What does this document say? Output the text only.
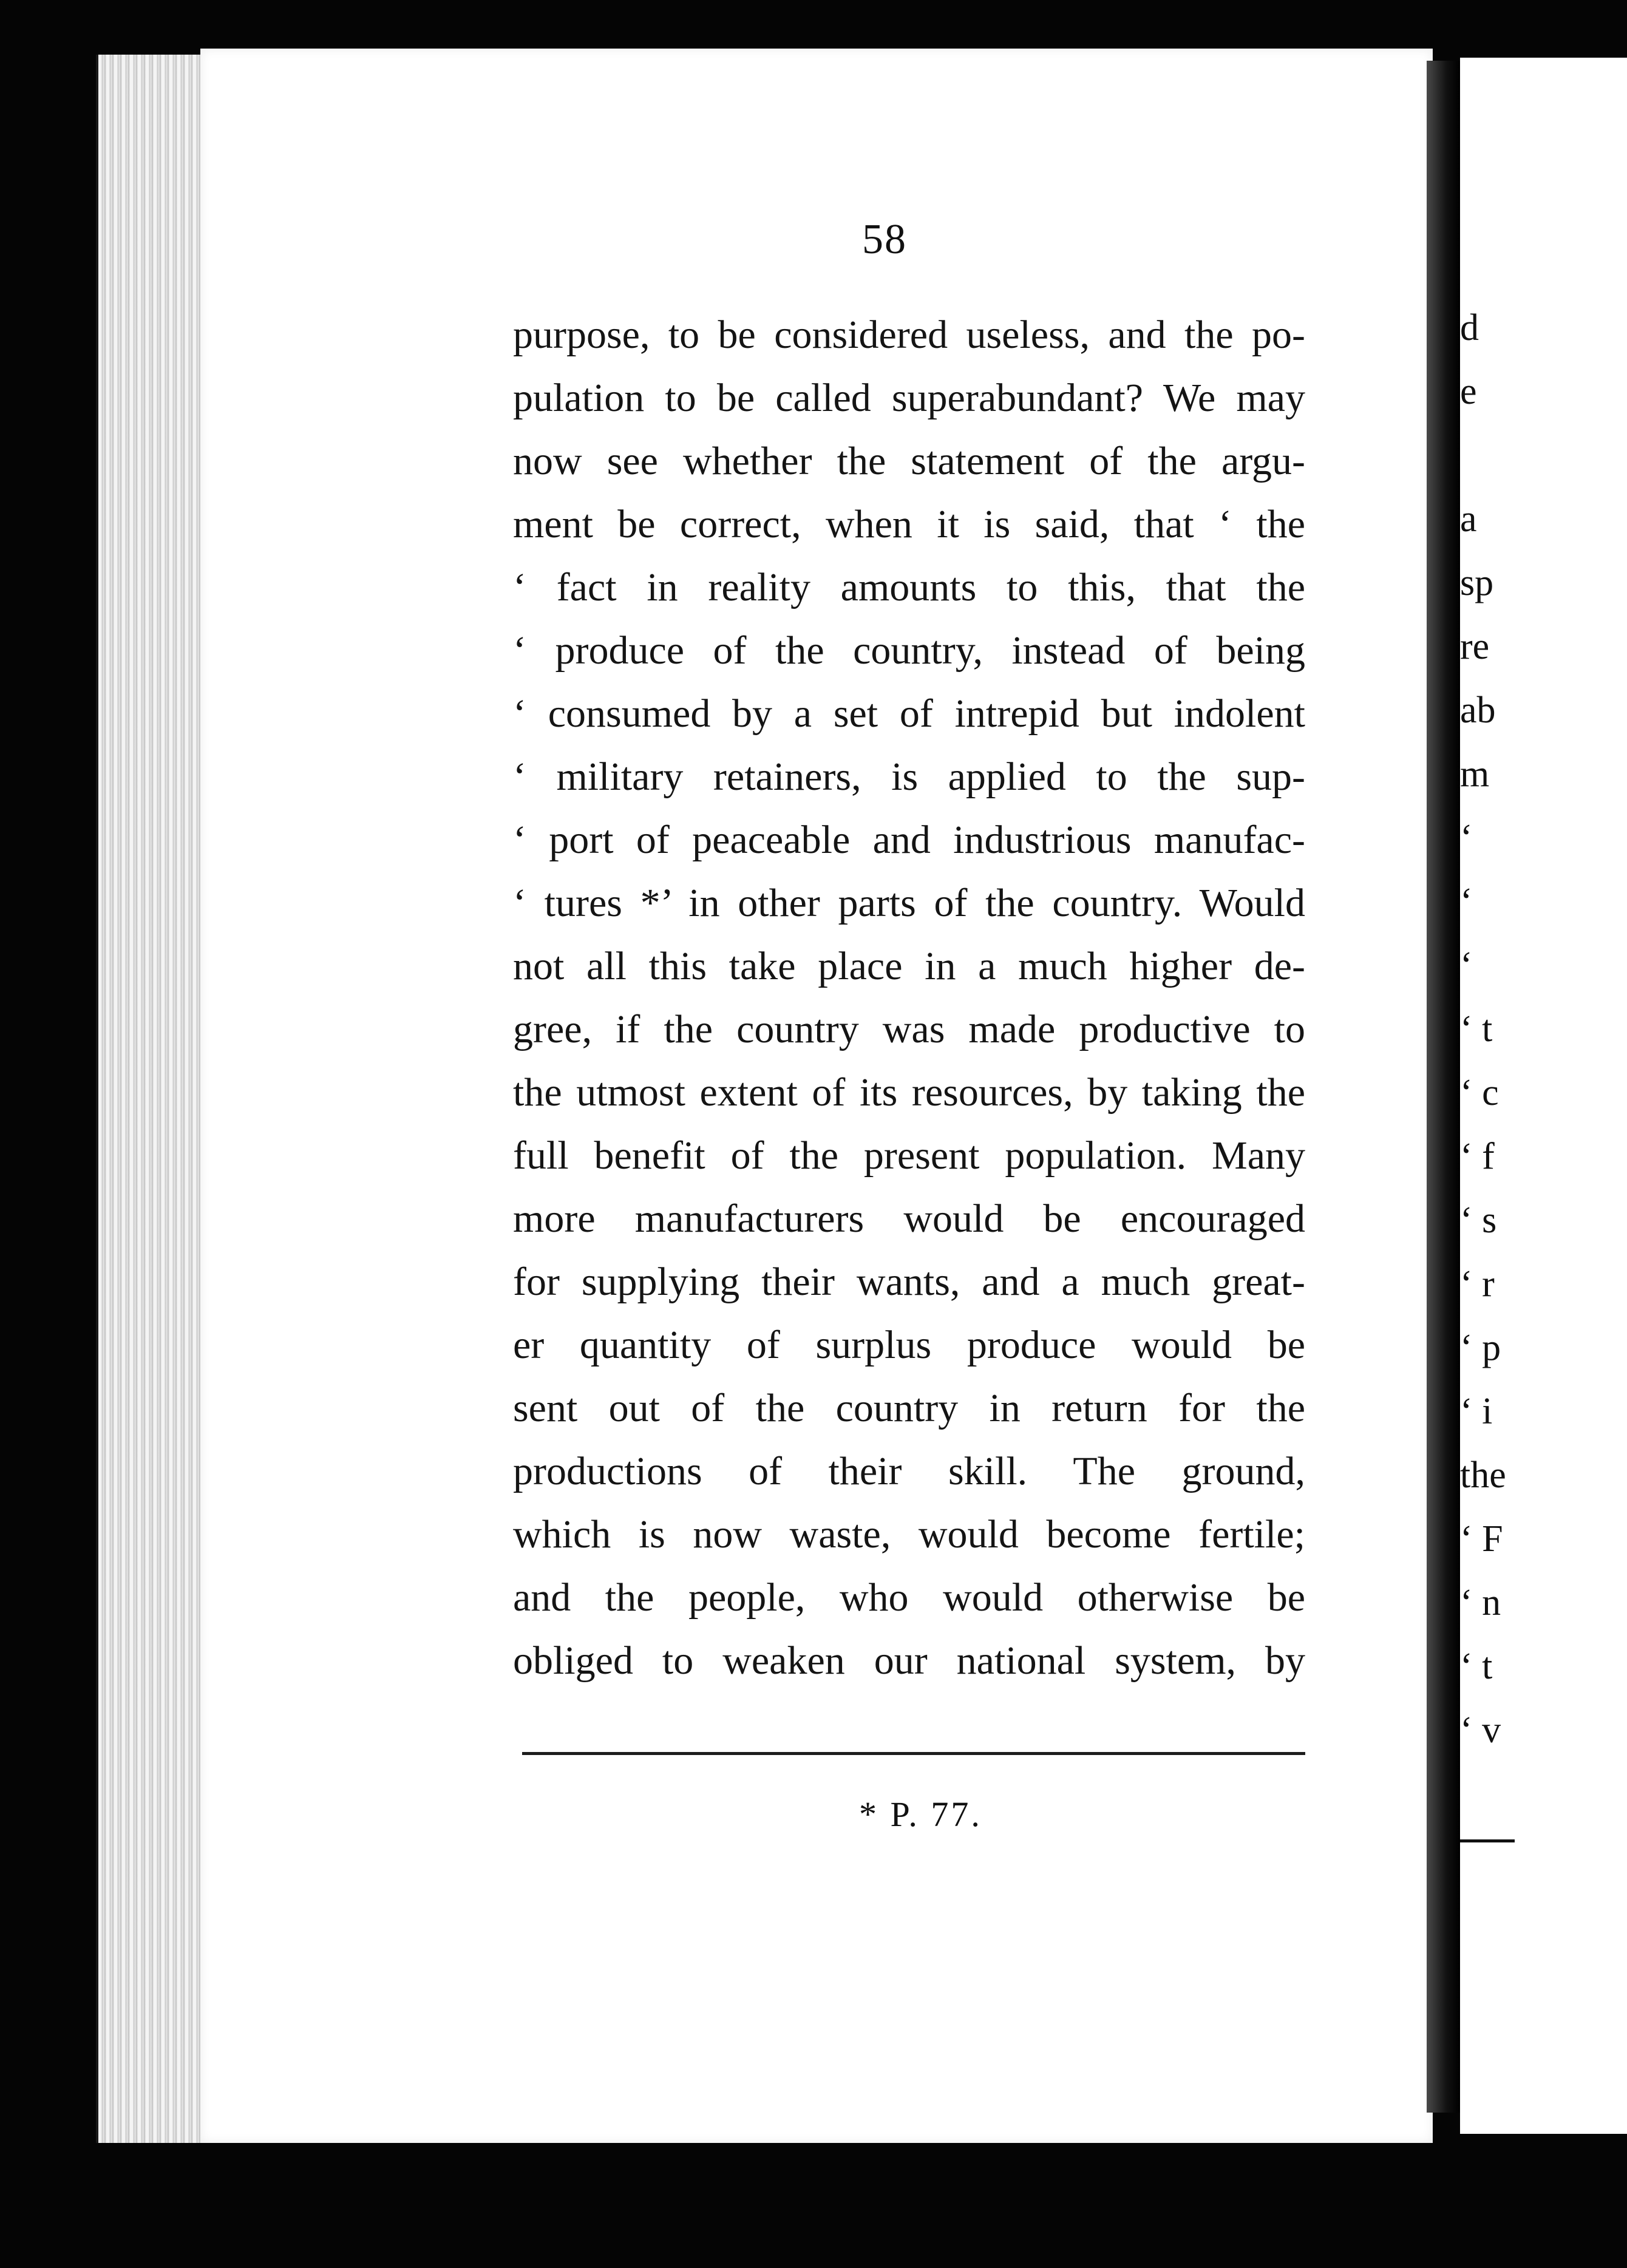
58
purpose, to be considered useless, and the po-
pulation to be called superabundant? We may
now see whether the statement of the argu-
ment be correct, when it is said, that ‘ the
‘ fact in reality amounts to this, that the
‘ produce of the country, instead of being
‘ consumed by a set of intrepid but indolent
‘ military retainers, is applied to the sup-
‘ port of peaceable and industrious manufac-
‘ tures *’ in other parts of the country. Would
not all this take place in a much higher de-
gree, if the country was made productive to
the utmost extent of its resources, by taking the
full benefit of the present population. Many
more manufacturers would be encouraged
for supplying their wants, and a much great-
er quantity of surplus produce would be
sent out of the country in return for the
productions of their skill. The ground,
which is now waste, would become fertile;
and the people, who would otherwise be
obliged to weaken our national system, by
* P. 77.
d
e
a
sp
re
ab
m
‘
‘
‘
‘ t
‘ c
‘ f
‘ s
‘ r
‘ p
‘ i
the
‘ F
‘ n
‘ t
‘ v
